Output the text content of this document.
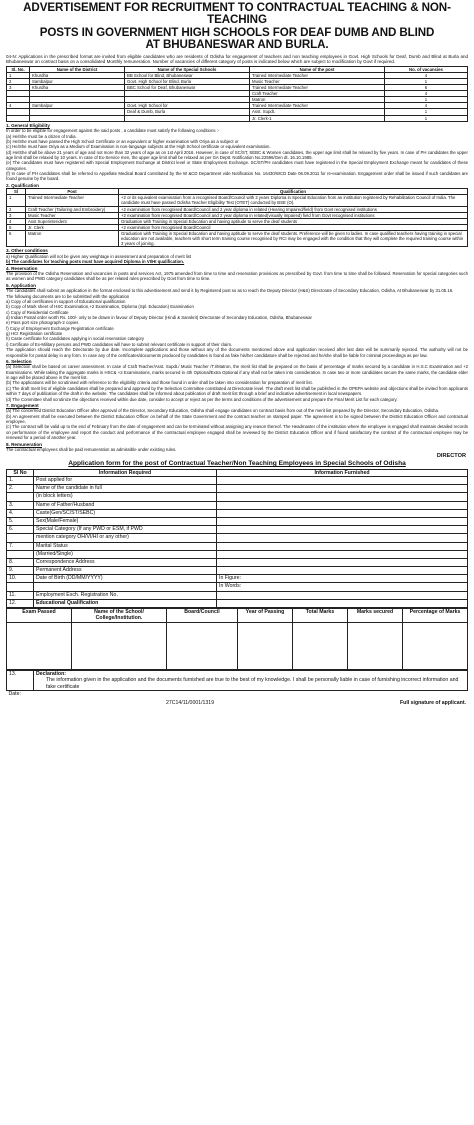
ADVERTISEMENT FOR RECRUITMENT TO CONTRACTUAL TEACHING & NON-TEACHING

POSTS IN GOVERNMENT HIGH SCHOOLS FOR DEAF DUMB AND BLIND

AT BHUBANESWAR AND BURLA.

04-N: Applications in the prescribed format are invited from eligible candidates who are residents of Odisha for engagement of teachers and non teaching employees in Govt. High Schools for Deaf, Dumb and Blind at Burla and Bhubaneswar on contract basis on a consolidated Monthly remuneration. Number of vacancies of different category of posts is indicated below which are subject to modification by Govt if required.

Sl. No.	Name of the District	Name of the Special Schools	Name of the post	No. of vacancies
1	Khurdha	BB School for Blind, Bhubaneswar	Trained Intermediate Teacher	4
2	Sambalpur	Govt. High School for Blind, Burla	Music Teacher	1
3	Khurdha	BBC School for Deaf, Bhubaneswar	Trained Intermediate Teacher	6
			Craft Teacher	4
			Matron	1
4	Sambalpur	Govt. High School for	Trained Intermediate Teacher	4
		Deaf & Dumb, Burla	Asst. Supdt.	1
			Jr. Clerk-1	1

1. General Eligibility

In order to be eligible for engagement against the said posts , a candidate must satisfy the following conditions :-

(a) He/She must be a citizen of India.

(b) He/She must have passed the High School Certificate or an equivalent or higher examination with Oriya as a subject or

(c) He/She must have Oriya as a Medium of Examination in non-language subjects at the High School certificate or equivalent examination.

(d) He/She shall be above 21 years of age and not more than 32 years of age as on 1st April 2016. However, in case of SC/ST, SEBC & Women candidates, the upper age limit shall be relaxed by five years. In case of PH candidates the upper age limit shall be relaxed by 10 years. In case of Ex-Service men, the upper age limit shall be relaxed as per GA Deptt. Notification No.22596/Gen dt. 16.10.1985.

(e) The candidates must have registered with Special Employment Exchange at District level or State Employment Exchange. SC/ST/PH candidates must have registered in the Special Employment Exchange meant for candidates of these categories.

(f) In case of PH candidates shall be referred to Appellate Medical Board constituted by the W &CD Department vide Notification No. 16430/WCD Date 06.09.2011 for re-examination. Engagement order shall be issued if such candidates are found genuine by the board.

2. Qualification

Sl	Post	Qualification
1	Trained Intermediate Teacher	+2 or its equivalent examination from a recognised Board/Council with 2 years Diploma in Special Education from an institution registered by Rehabilitation Council of India. The candidate must have passed Odisha Teacher Eligibility Test (OTET) conducted by BSE (O).
2	Craft Teacher (Tailoring and Embroidery)	+2 examination from recognised Board/Council and 2 year diploma in related (Hearing Impaired/field) from Govt recognised institutions
3	Music Teacher	+2 examination from recognised Board/Council and 2 year diploma in related(visually impaired) field from Govt recognised institutions
4	Asst Superintendent	Graduation with Training in Special Education and having aptitude to serve the deaf students
5	Jr. Clerk	+2 examination from recognised Board/Council
6	Matron	Graduation with Training in Special Education and having aptitude to serve the deaf students. Preference will be given to ladies. In case qualified teachers having training in special education are not available, teachers with short term training course recognised by RCI may be engaged with the condition that they will complete the required training course within 3 years of joining.

3. Other conditions

a) Higher Qualification will not be given any weightage in assessment and preparation of merit list

b) The candidates for teaching posts must have acquired Diploma in VI/HI qualification.

4. Reservation

The provision of the Odisha Reservation and vacancies in posts and services Act, 1975 amended from time to time and reservation provisions as prescribed by Govt. from time to time shall be followed. Reservation for special categories such as women and PWD category candidates shall be as per related rules prescribed by Govt from time to time.

5. Application

The candidates shall submit an application in the format enclosed to this advertisement and send it by Registered post so as to reach the Deputy Director (H&S) Directorate of Secondary Education, Odisha, At Bhubaneswar by 31.05.16.

The following documents are to be submitted with the application

a) Copy of all certificates in support of Educational qualification

b) Copy of Mark sheet of HSC Examination,+2 Examination, Diploma (Spl. Education) Examination

c) Copy of Residential Certificate

d) Indian Postal order worth Rs. 100/- only to be drawn in favour of Deputy Director (Hindi & Sanskrit) Directorate of Secondary Education, Odisha, Bhubaneswar

e) Pass port size photograph-2 copies

f) Copy of Employment Exchange Registration certificate

g) HCI Registration certificate

h) Caste certificate for candidates applying in social reservation category

i) Certificate of Ex-Military persons and PWD candidates will have to submit relevant certificate in support of their claim.

The application should reach the Directorate by due date. Incomplete applications and those without any of the documents mentioned above and application received after last date will be summarily rejected. The authority will not be responsible for postal delay in any form. In case any of the certificates/documents produced by candidates is found as fake his/her candidature shall be rejected and he/she shall be liable for criminal proceedings as per law.

6. Selection

(a) Selection shall be based on career assessment. In case of Craft Teacher/Asst. Supdt./ Music Teacher /T.I/Matron, the merit list shall be prepared on the basis of percentage of marks secured by a candidate in H.S.C Examination and +2 Examinations. While taking the aggregate marks in HSC& +2 Examinations, marks secured in 4th Optional/Extra Optional if any shall not be taken into consideration. In case two or more candidates secure the same marks, the candidate elder in age will be placed above in the merit list.

(b) The applications will be scrutinised with reference to the eligibility criteria and those found in order shall be taken into consideration for preparation of merit list.

(c) The draft merit list of eligible candidates shall be prepared and approved by the Selection Committee constituted at Directorate level. The draft merit list shall be published in the OPEPA website and objections shall be invited from applicants within 7 days of publication of the draft in the website. The candidates shall be informed about publication of draft merit list through a brief and indicative advertisement in local newspapers.

(d) The Committee shall scrutinize the objections received within due date, consider to accept or reject as per the terms and conditions of the advertisement and prepare the Final Merit List for each category.

7. Engagement

(a) The concerned District Education Officer after approval of the Director, Secondary Education, Odisha shall engage candidates on contract basis from out of the merit list prepared by the Director, Secondary Education, Odisha.

(b) An agreement shall be executed between the District Education Officer on behalf of the State Government and the contract teacher on stamped paper. The agreement is to be signed between the District Education Officer and contractual employee.

(c) The contract will be valid up to the end of February from the date of engagement and can be terminated without assigning any reason thereof. The Headmaster of the institution where the employee is engaged shall maintain detailed records on performance of the employee and report the conduct and performance of the contractual employee engaged shall be reviewed by the District Education Officer and if found satisfactory the contract of the contractual employee may be renewed for a period of another year.

8. Remuneration

The contractual employees shall be paid remuneration as admissible under existing rules.

DIRECTOR

Application form for the post of Contractual Teacher/Non Teaching Employees in Special Schools of Odisha

Sl No	Information Required	Information Furnished
1.	Post applied for	
2.	Name of the candidate in full	
	(in block letters)	
3.	Name of Father/Husband	
4.	Caste(Gen/SC/ST/SEBC)	
5.	Sex(Male/Female)	
6.	Special Category (If any PWD or ESM, if PWD	
	mention category OH/VI/HI or any other)	
7.	Marital Status	
	(Married/Single)	
8.	Correspondence Address	
9.	Permanent Address	
10.	Date of Birth (DD/MM/YYYY)	In Figure:
		In Words:
11.	Employment Exch. Registration No.	
12.	Educational Qualification	
Exam Passed	Name of the School/ College/Institution.	Board/Council	Year of Passing	Total Marks	Marks secured	Percentage of Marks

13.	Declaration:
The information given in the application and the documents furnished are true to the best of my knowledge. I shall be personally liable in case of furnishing incorrect information and fake certificate

Date:	
27C14/11/0001/1319	Full signature of applicant.
